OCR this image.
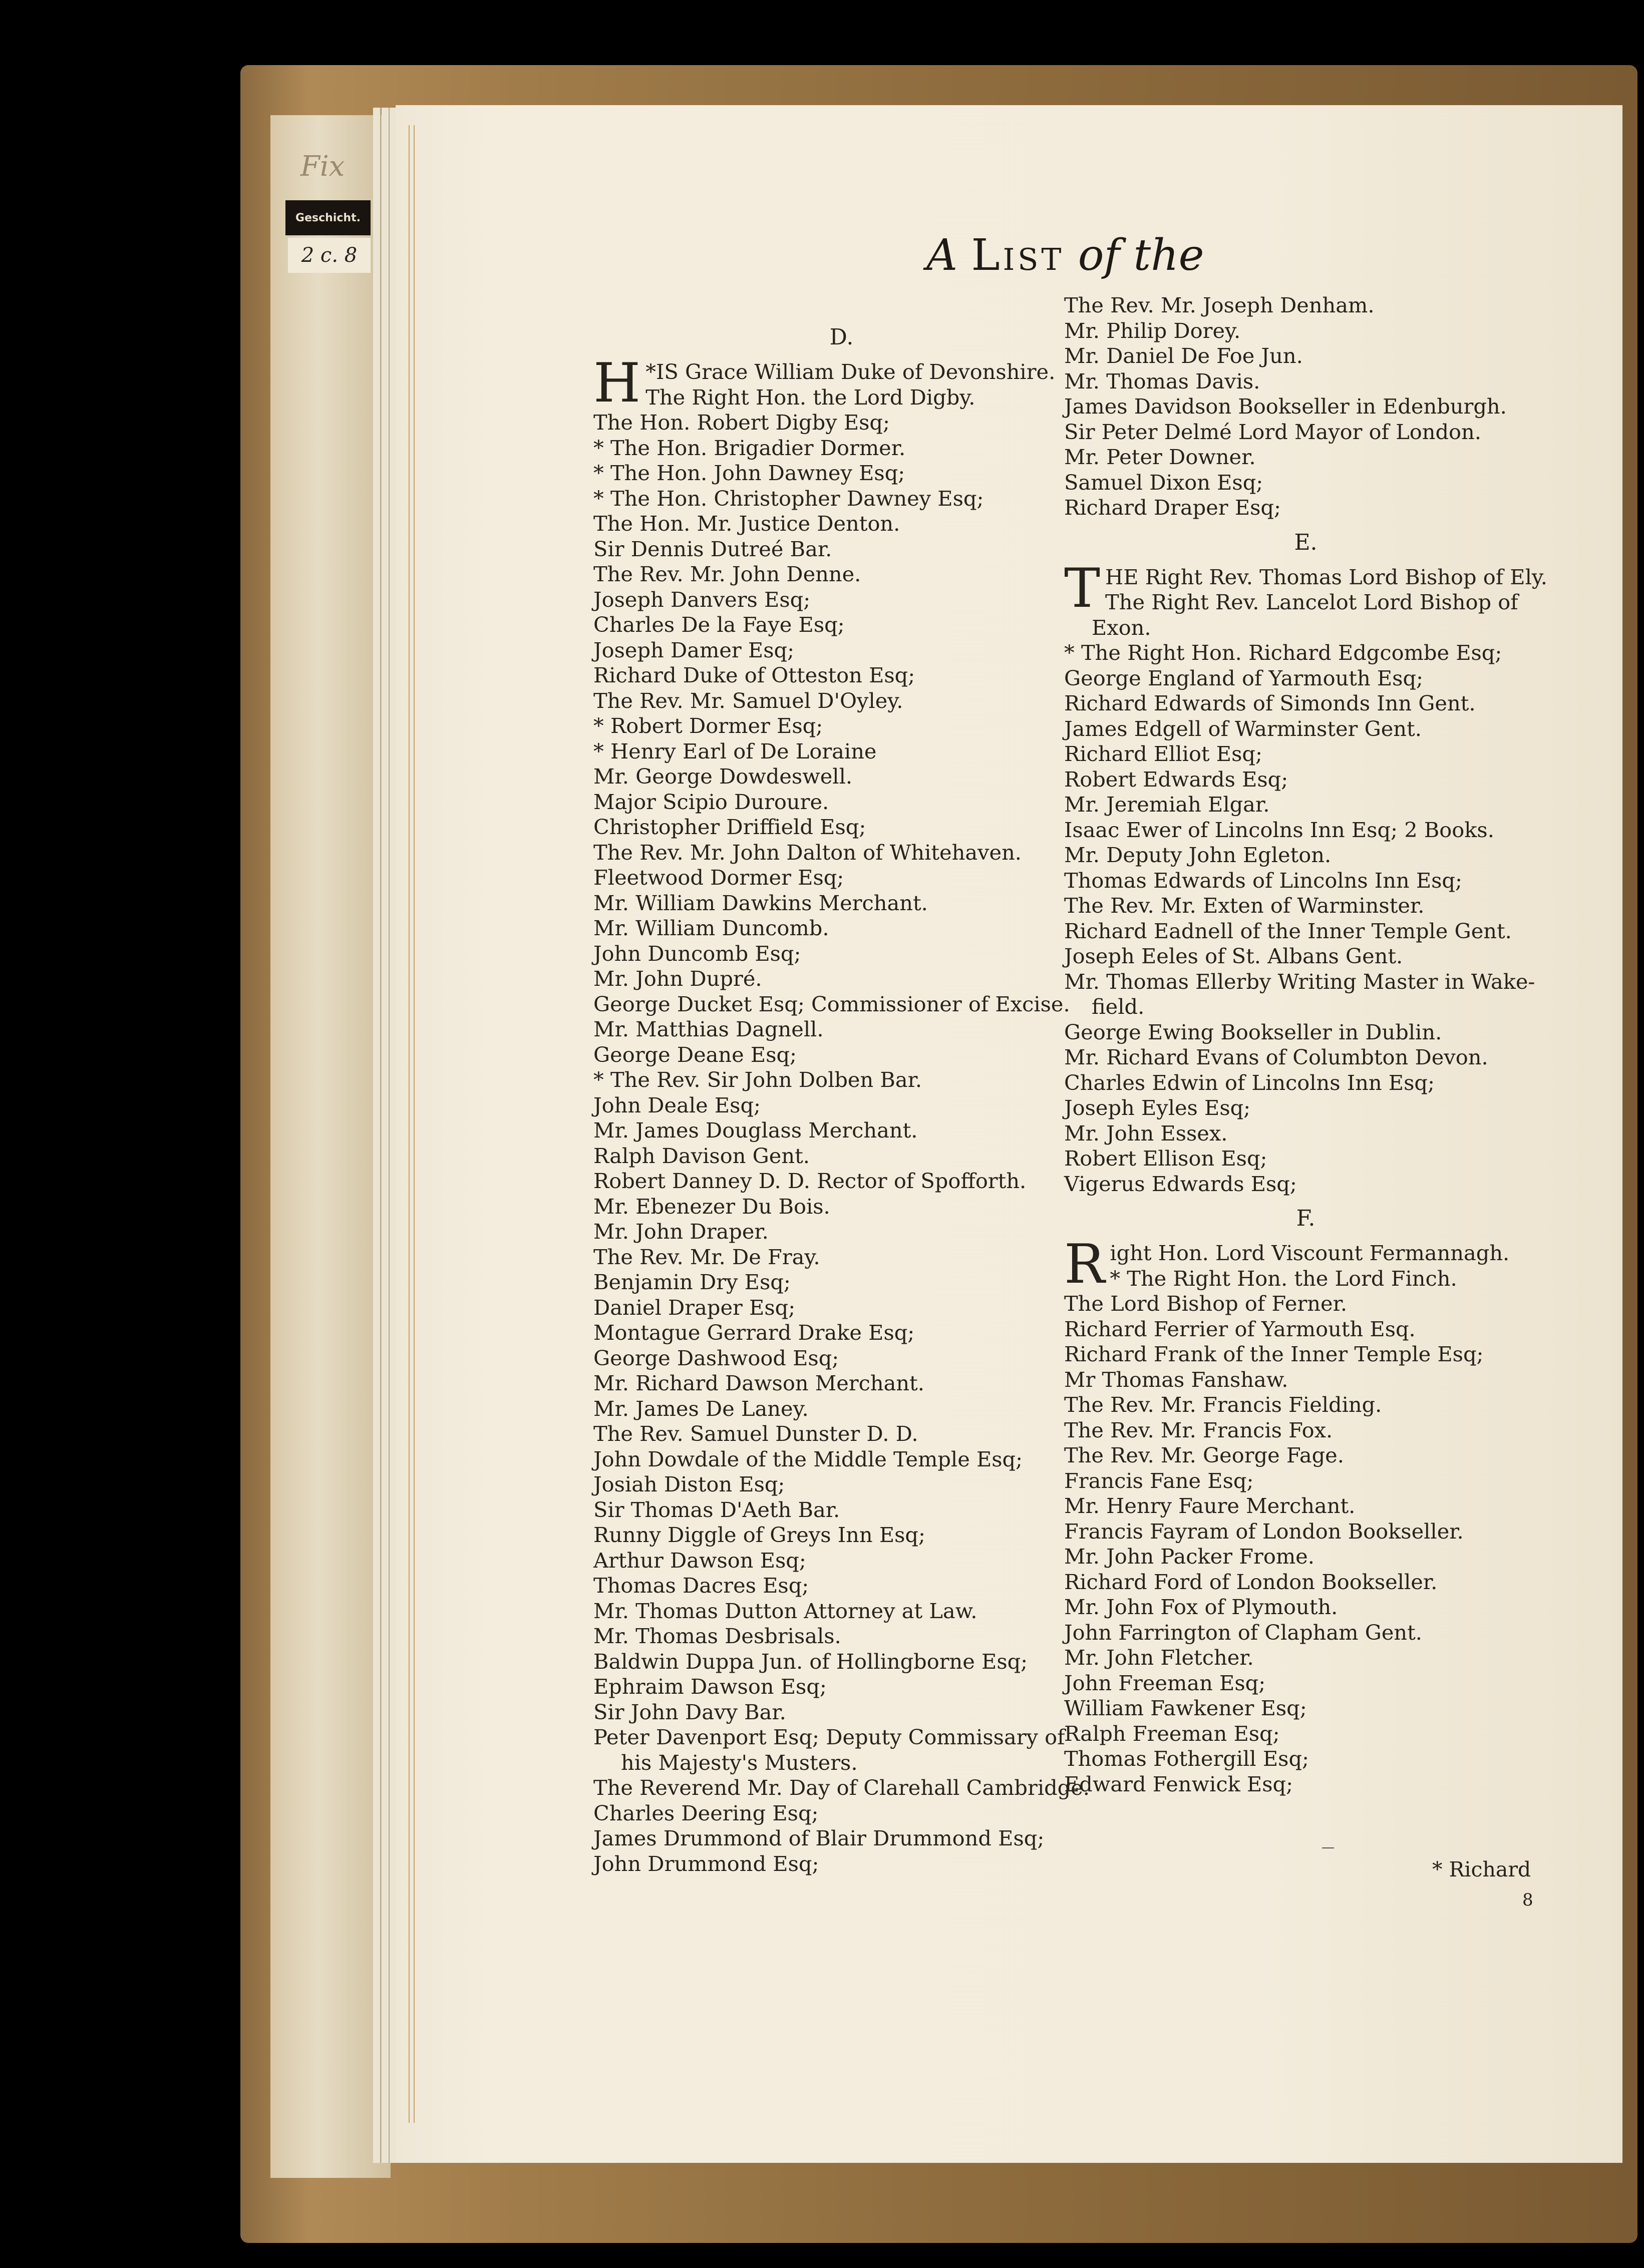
Fix
Geschicht.
2 c. 8	A List of the
D.
*
H IS Grace William Duke of Devonshire.
The Right Hon. the Lord Digby.
The Hon. Robert Digby Esq;
* The Hon. Brigadier Dormer.
* The Hon. John Dawney Esq;
* The Hon. Christopher Dawney Esq;
The Hon. Mr. Justice Denton.
Sir Dennis Dutreé Bar.
The Rev. Mr. John Denne.
Joseph Danvers Esq;
Charles De la Faye Esq;
Joseph Damer Esq;
Richard Duke of Otteston Esq;
The Rev. Mr. Samuel D'Oyley.
* Robert Dormer Esq;
* Henry Earl of De Loraine
Mr. George Dowdeswell.
Major Scipio Duroure.
Christopher Driffield Esq;
The Rev. Mr. John Dalton of Whitehaven.
Fleetwood Dormer Esq;
Mr. William Dawkins Merchant.
Mr. William Duncomb.
John Duncomb Esq;
Mr. John Dupré.
George Ducket Esq; Commissioner of Excise.
Mr. Matthias Dagnell.
George Deane Esq;
* The Rev. Sir John Dolben Bar.
John Deale Esq;
Mr. James Douglass Merchant.
Ralph Davison Gent.
Robert Danney D. D. Rector of Spofforth.
Mr. Ebenezer Du Bois.
Mr. John Draper.
The Rev. Mr. De Fray.
Benjamin Dry Esq;
Daniel Draper Esq;
Montague Gerrard Drake Esq;
George Dashwood Esq;
Mr. Richard Dawson Merchant.
Mr. James De Laney.
The Rev. Samuel Dunster D. D.
John Dowdale of the Middle Temple Esq;
Josiah Diston Esq;
Sir Thomas D'Aeth Bar.
Runny Diggle of Greys Inn Esq;
Arthur Dawson Esq;
Thomas Dacres Esq;
Mr. Thomas Dutton Attorney at Law.
Mr. Thomas Desbrisals.
Baldwin Duppa Jun. of Hollingborne Esq;
Ephraim Dawson Esq;
Sir John Davy Bar.
Peter Davenport Esq; Deputy Commissary of
his Majesty's Musters.
The Reverend Mr. Day of Clarehall Cambridge.
Charles Deering Esq;
James Drummond of Blair Drummond Esq;
John Drummond Esq;
The Rev. Mr. Joseph Denham.
Mr. Philip Dorey.
Mr. Daniel De Foe Jun.
Mr. Thomas Davis.
James Davidson Bookseller in Edenburgh.
Sir Peter Delmé Lord Mayor of London.
Mr. Peter Downer.
Samuel Dixon Esq;
Richard Draper Esq;
E.
THE Right Rev. Thomas Lord Bishop of Ely.
The Right Rev. Lancelot Lord Bishop of
Exon.
* The Right Hon. Richard Edgcombe Esq;
George England of Yarmouth Esq;
Richard Edwards of Simonds Inn Gent.
James Edgell of Warminster Gent.
Richard Elliot Esq;
Robert Edwards Esq;
Mr. Jeremiah Elgar.
Isaac Ewer of Lincolns Inn Esq; 2 Books.
Mr. Deputy John Egleton.
Thomas Edwards of Lincolns Inn Esq;
The Rev. Mr. Exten of Warminster.
Richard Eadnell of the Inner Temple Gent.
Joseph Eeles of St. Albans Gent.
Mr. Thomas Ellerby Writing Master in Wake-
field.
George Ewing Bookseller in Dublin.
Mr. Richard Evans of Columbton Devon.
Charles Edwin of Lincolns Inn Esq;
Joseph Eyles Esq;
Mr. John Essex.
Robert Ellison Esq;
Vigerus Edwards Esq;
F.
Right Hon. Lord Viscount Fermannagh.
* The Right Hon. the Lord Finch.
The Lord Bishop of Ferner.
Richard Ferrier of Yarmouth Esq.
Richard Frank of the Inner Temple Esq;
Mr Thomas Fanshaw.
The Rev. Mr. Francis Fielding.
The Rev. Mr. Francis Fox.
The Rev. Mr. George Fage.
Francis Fane Esq;
Mr. Henry Faure Merchant.
Francis Fayram of London Bookseller.
Mr. John Packer Frome.
Richard Ford of London Bookseller.
Mr. John Fox of Plymouth.
John Farrington of Clapham Gent.
Mr. John Fletcher.
John Freeman Esq;
William Fawkener Esq;
Ralph Freeman Esq;
Thomas Fothergill Esq;
Edward Fenwick Esq;
* Richard
8
